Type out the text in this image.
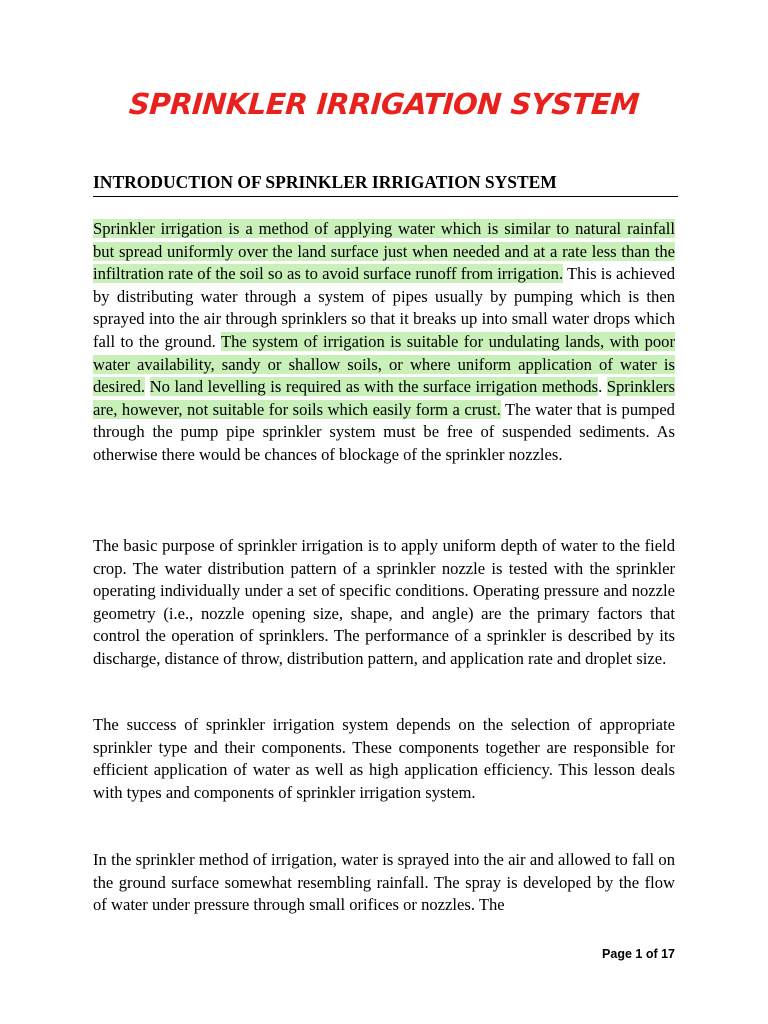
SPRINKLER IRRIGATION SYSTEM
INTRODUCTION OF SPRINKLER IRRIGATION SYSTEM

Sprinkler irrigation is a method of applying water which is similar to natural rainfall but spread uniformly over the land surface just when needed and at a rate less than the infiltration rate of the soil so as to avoid surface runoff from irrigation. This is achieved by distributing water through a system of pipes usually by pumping which is then sprayed into the air through sprinklers so that it breaks up into small water drops which fall to the ground. The system of irrigation is suitable for undulating lands, with poor water availability, sandy or shallow soils, or where uniform application of water is desired. No land levelling is required as with the surface irrigation methods. Sprinklers are, however, not suitable for soils which easily form a crust. The water that is pumped through the pump pipe sprinkler system must be free of suspended sediments. As otherwise there would be chances of blockage of the sprinkler nozzles.

The basic purpose of sprinkler irrigation is to apply uniform depth of water to the field crop. The water distribution pattern of a sprinkler nozzle is tested with the sprinkler operating individually under a set of specific conditions. Operating pressure and nozzle geometry (i.e., nozzle opening size, shape, and angle) are the primary factors that control the operation of sprinklers. The performance of a sprinkler is described by its discharge, distance of throw, distribution pattern, and application rate and droplet size.

The success of sprinkler irrigation system depends on the selection of appropriate sprinkler type and their components. These components together are responsible for efficient application of water as well as high application efficiency. This lesson deals with types and components of sprinkler irrigation system.

In the sprinkler method of irrigation, water is sprayed into the air and allowed to fall on the ground surface somewhat resembling rainfall. The spray is developed by the flow of water under pressure through small orifices or nozzles. The

Page 1 of 17
